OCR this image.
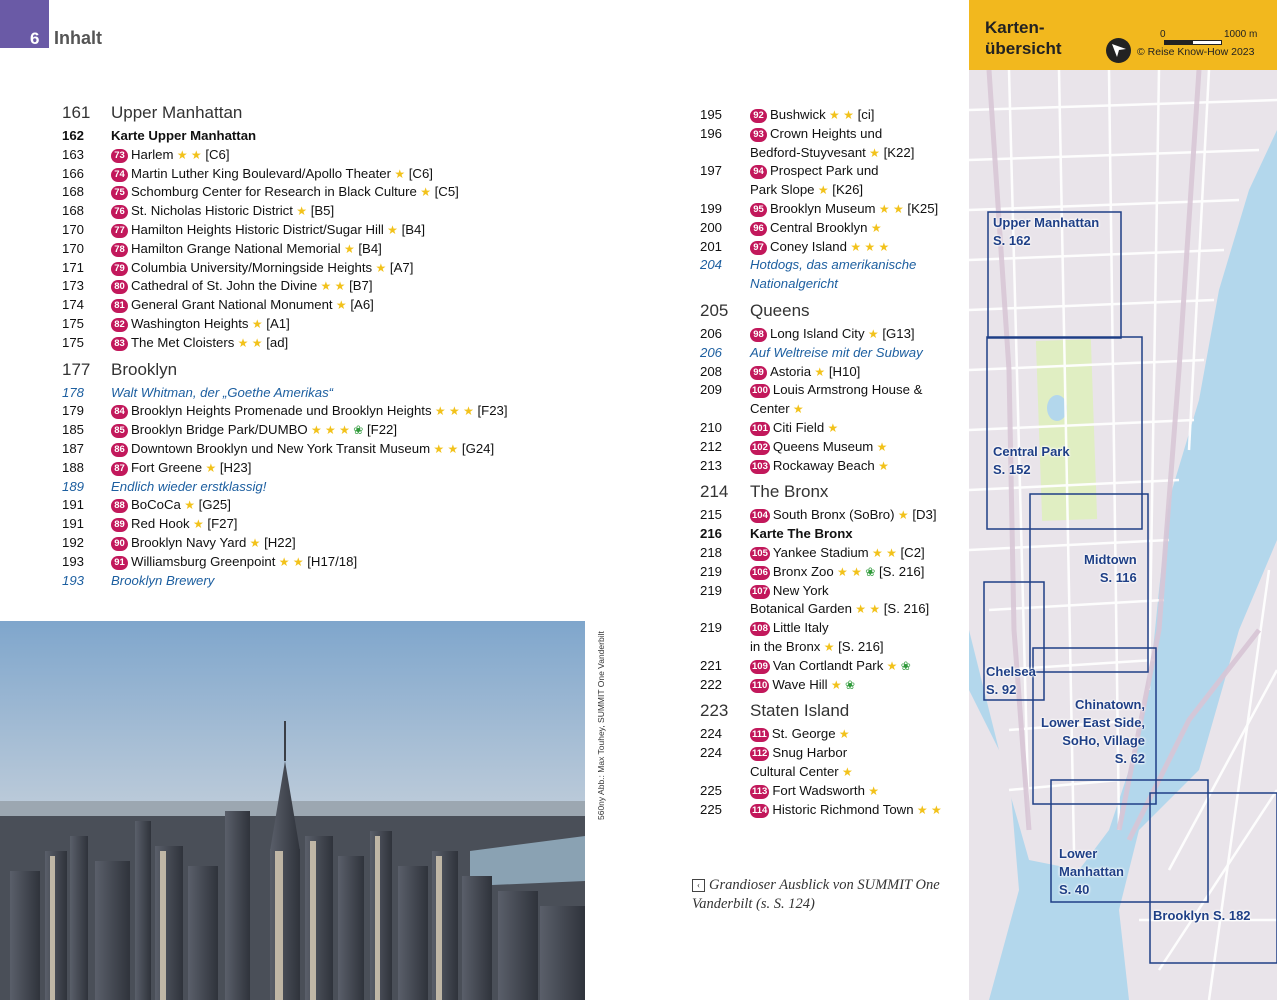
6 Inhalt
161 Upper Manhattan
162 Karte Upper Manhattan
163	73 Harlem ★ ★ [C6]
166	74 Martin Luther King Boulevard/Apollo Theater ★ [C6]
168	75 Schomburg Center for Research in Black Culture ★ [C5]
168	76 St. Nicholas Historic District ★ [B5]
170	77 Hamilton Heights Historic District/Sugar Hill ★ [B4]
170	78 Hamilton Grange National Memorial ★ [B4]
171	79 Columbia University/Morningside Heights ★ [A7]
173	80 Cathedral of St. John the Divine ★ ★ [B7]
174	81 General Grant National Monument ★ [A6]
175	82 Washington Heights ★ [A1]
175	83 The Met Cloisters ★ ★ [ad]
177 Brooklyn
178 Walt Whitman, der „Goethe Amerikas“
179	84 Brooklyn Heights Promenade und Brooklyn Heights ★ ★ ★ [F23]
185	85 Brooklyn Bridge Park/DUMBO ★ ★ ★ ❀ [F22]
187	86 Downtown Brooklyn und New York Transit Museum ★ ★ [G24]
188	87 Fort Greene ★ [H23]
189 Endlich wieder erstklassig!
191	88 BoCoCa ★ [G25]
191	89 Red Hook ★ [F27]
192	90 Brooklyn Navy Yard ★ [H22]
193	91 Williamsburg Greenpoint ★ ★ [H17/18]
193 Brooklyn Brewery
195	92 Bushwick ★ ★ [ci]
196	93 Crown Heights und
Bedford-Stuyvesant ★ [K22]
197	94 Prospect Park und
Park Slope ★ [K26]
199	95 Brooklyn Museum ★ ★ [K25]
200	96 Central Brooklyn ★
201	97 Coney Island ★ ★ ★
204 Hotdogs, das amerikanische
Nationalgericht
205 Queens
206	98 Long Island City ★ [G13]
206 Auf Weltreise mit der Subway
208	99 Astoria ★ [H10]
209	100 Louis Armstrong House &
Center ★
210	101 Citi Field ★
212	102 Queens Museum ★
213	103 Rockaway Beach ★
214 The Bronx
215	104 South Bronx (SoBro) ★ [D3]
216 Karte The Bronx
218	105 Yankee Stadium ★ ★ [C2]
219	106 Bronx Zoo ★ ★ ❀ [S. 216]
219	107 New York
Botanical Garden ★ ★ [S. 216]
219	108 Little Italy
in the Bronx ★ [S. 216]
221	109 Van Cortlandt Park ★ ❀
222	110 Wave Hill ★ ❀
223 Staten Island
224	111 St. George ★
224	112 Snug Harbor
Cultural Center ★
225	113 Fort Wadsworth ★
225	114 Historic Richmond Town ★ ★
560ny Abb.: Max Touhey, SUMMIT One Vanderbilt
‹ Grandioser Ausblick von SUMMIT One Vanderbilt (s. S. 124)
Karten-
übersicht
0	1000 m
© Reise Know-How 2023
Upper Manhattan
S. 162
Central Park
S. 152
Midtown
S. 116
Chelsea
S. 92
Chinatown,
Lower East Side,
SoHo, Village
S. 62
Lower
Manhattan
S. 40
Brooklyn S. 182
